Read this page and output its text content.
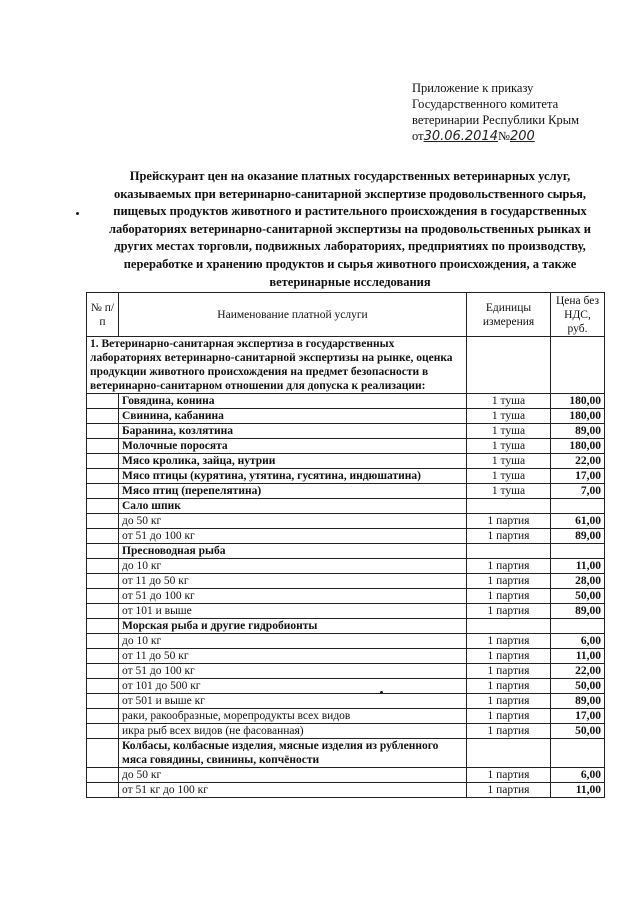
Приложение к приказу
Государственного комитета
ветеринарии Республики Крым
от30.06.2014№200
Прейскурант цен на оказание платных государственных ветеринарных услуг, оказываемых при ветеринарно-санитарной экспертизе продовольственного сырья, пищевых продуктов животного и растительного происхождения в государственных лабораториях ветеринарно-санитарной экспертизы на продовольственных рынках и других местах торговли, подвижных лабораториях, предприятиях по производству, переработке и хранению продуктов и сырья животного происхождения, а также ветеринарные исследования
№ п/п	Наименование платной услуги	Единицы измерения	Цена без НДС, руб.
1. Ветеринарно-санитарная экспертиза в государственных лабораториях ветеринарно-санитарной экспертизы на рынке, оценка продукции животного происхождения на предмет безопасности в ветеринарно-санитарном отношении для допуска к реализации:			
	Говядина, конина	1 туша	180,00
	Свинина, кабанина	1 туша	180,00
	Баранина, козлятина	1 туша	89,00
	Молочные поросята	1 туша	180,00
	Мясо кролика, зайца, нутрии	1 туша	22,00
	Мясо птицы (курятина, утятина, гусятина, индюшатина)	1 туша	17,00
	Мясо птиц (перепелятина)	1 туша	7,00
	Сало шпик		
	до 50 кг	1 партия	61,00
	от 51 до 100 кг	1 партия	89,00
	Пресноводная рыба		
	до 10 кг	1 партия	11,00
	от 11 до 50 кг	1 партия	28,00
	от 51 до 100 кг	1 партия	50,00
	от 101 и выше	1 партия	89,00
	Морская рыба и другие гидробионты		
	до 10 кг	1 партия	6,00
	от 11 до 50 кг	1 партия	11,00
	от 51 до 100 кг	1 партия	22,00
	от 101 до 500 кг	1 партия	50,00
	от 501 и выше кг	1 партия	89,00
	раки, ракообразные, морепродукты всех видов	1 партия	17,00
	икра рыб всех видов (не фасованная)	1 партия	50,00
	Колбасы, колбасные изделия, мясные изделия из рубленного мяса говядины, свинины, копчёности		
	до 50 кг	1 партия	6,00
	от 51 кг до 100 кг	1 партия	11,00
